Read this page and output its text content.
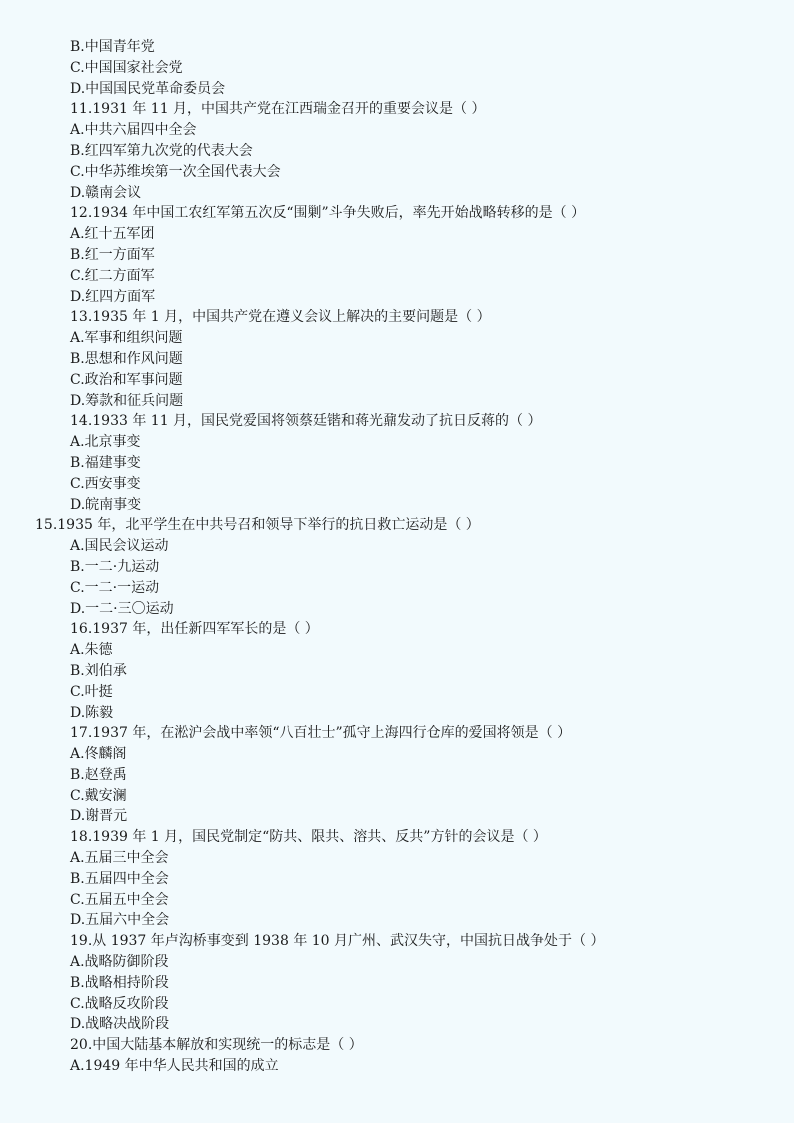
B.中国青年党
C.中国国家社会党
D.中国国民党革命委员会
11.1931 年 11 月，中国共产党在江西瑞金召开的重要会议是（ ）
A.中共六届四中全会
B.红四军第九次党的代表大会
C.中华苏维埃第一次全国代表大会
D.赣南会议
12.1934 年中国工农红军第五次反“围剿”斗争失败后，率先开始战略转移的是（ ）
A.红十五军团
B.红一方面军
C.红二方面军
D.红四方面军
13.1935 年 1 月，中国共产党在遵义会议上解决的主要问题是（ ）
A.军事和组织问题
B.思想和作风问题
C.政治和军事问题
D.筹款和征兵问题
14.1933 年 11 月，国民党爱国将领蔡廷锴和蒋光鼐发动了抗日反蒋的（ ）
A.北京事变
B.福建事变
C.西安事变
D.皖南事变
15.1935 年，北平学生在中共号召和领导下举行的抗日救亡运动是（ ）
A.国民会议运动
B.一二·九运动
C.一二·一运动
D.一二·三〇运动
16.1937 年，出任新四军军长的是（ ）
A.朱德
B.刘伯承
C.叶挺
D.陈毅
17.1937 年，在淞沪会战中率领“八百壮士”孤守上海四行仓库的爱国将领是（ ）
A.佟麟阁
B.赵登禹
C.戴安澜
D.谢晋元
18.1939 年 1 月，国民党制定“防共、限共、溶共、反共”方针的会议是（ ）
A.五届三中全会
B.五届四中全会
C.五届五中全会
D.五届六中全会
19.从 1937 年卢沟桥事变到 1938 年 10 月广州、武汉失守，中国抗日战争处于（ ）
A.战略防御阶段
B.战略相持阶段
C.战略反攻阶段
D.战略决战阶段
20.中国大陆基本解放和实现统一的标志是（ ）
A.1949 年中华人民共和国的成立
